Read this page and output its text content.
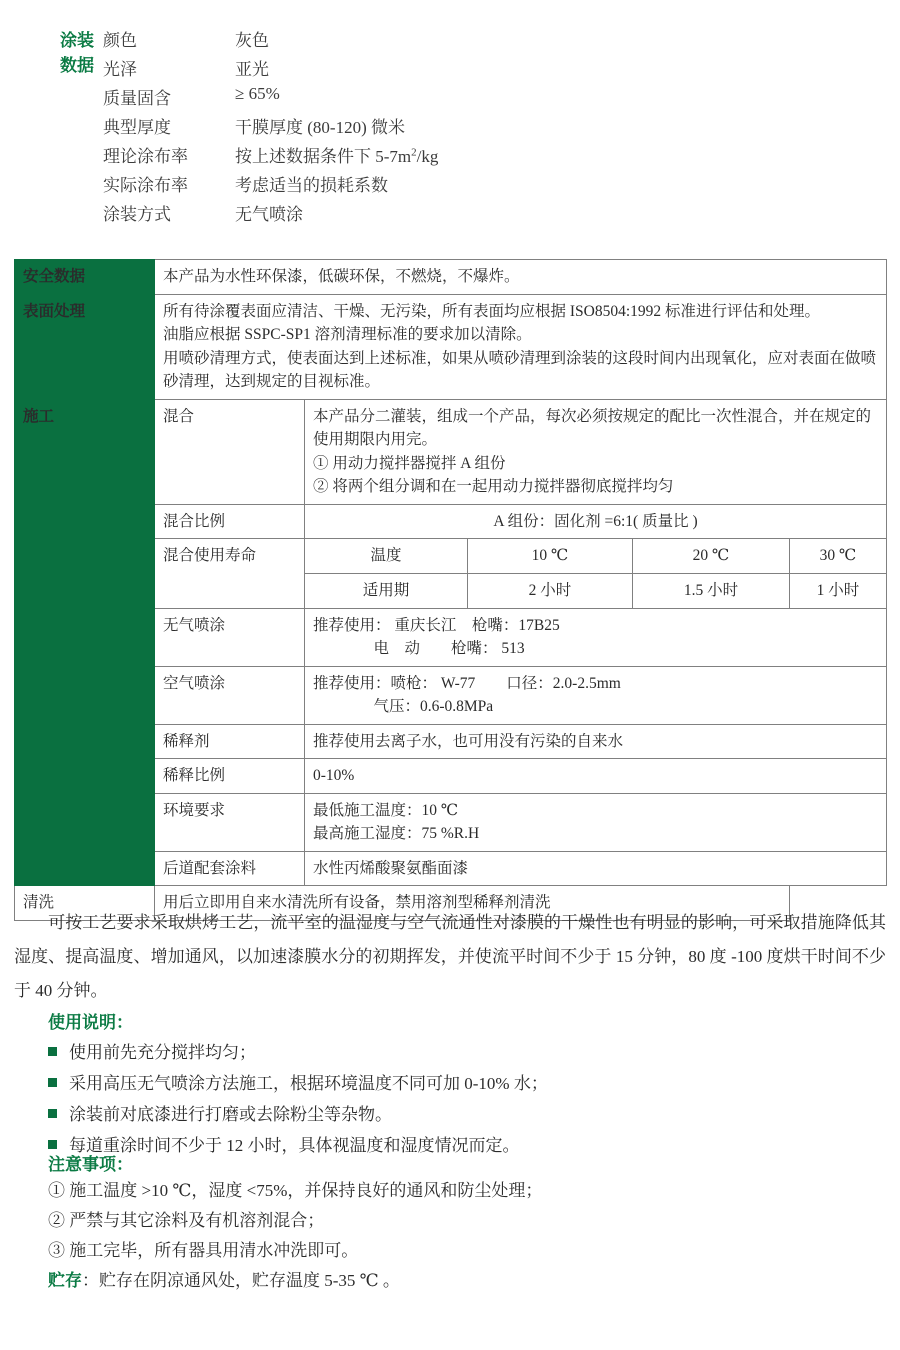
涂装数据
颜色	灰色
光泽	亚光
质量固含	≥ 65%
典型厚度	干膜厚度 (80-120) 微米
理论涂布率	按上述数据条件下 $5-7m^2/kg$
实际涂布率	考虑适当的损耗系数
涂装方式	无气喷涂
安全数据	本产品为水性环保漆，低碳环保，不燃烧，不爆炸。				
表面处理	所有待涂覆表面应清洁、干燥、无污染，所有表面均应根据 ISO8504:1992 标准进行评估和处理。
油脂应根据 SSPC-SP1 溶剂清理标准的要求加以清除。
用喷砂清理方式，使表面达到上述标准，如果从喷砂清理到涂装的这段时间内出现氧化，应对表面在做喷砂清理，达到规定的目视标准。				

施工	混合	本产品分二灌装，组成一个产品，每次必须按规定的配比一次性混合，并在规定的使用期限内用完。
① 用动力搅拌器搅拌 A 组份
② 将两个组分调和在一起用动力搅拌器彻底搅拌均匀			

	混合比例	A 组份：固化剂 =6:1( 质量比 )			
	混合使用寿命	温度	10 ℃	20 ℃	30 ℃
		适用期	2 小时	1.5 小时	1 小时
	无气喷涂	推荐使用： 重庆长江　枪嘴：17B25
电　动　　枪嘴： 513			

	空气喷涂	推荐使用：喷枪： W-77　　口径：2.0-2.5mm
气压：0.6-0.8MPa			

	稀释剂	推荐使用去离子水，也可用没有污染的自来水			
	稀释比例	0-10%			
	环境要求	最低施工温度：10 ℃
最高施工湿度：75 %R.H			

	后道配套涂料	水性丙烯酸聚氨酯面漆			
清洗	用后立即用自来水清洗所有设备，禁用溶剂型稀释剂清洗				
可按工艺要求采取烘烤工艺，流平室的温湿度与空气流通性对漆膜的干燥性也有明显的影响，可采取措施降低其湿度、提高温度、增加通风，以加速漆膜水分的初期挥发，并使流平时间不少于 15 分钟，80 度 -100 度烘干时间不少于 40 分钟。
使用说明：
使用前先充分搅拌均匀；
采用高压无气喷涂方法施工，根据环境温度不同可加 0-10% 水；
涂装前对底漆进行打磨或去除粉尘等杂物。
每道重涂时间不少于 12 小时，具体视温度和湿度情况而定。
注意事项：
① 施工温度 >10 ℃，湿度 <75%，并保持良好的通风和防尘处理；
② 严禁与其它涂料及有机溶剂混合；
③ 施工完毕，所有器具用清水冲洗即可。
贮存：贮存在阴凉通风处，贮存温度 5-35 ℃ 。
